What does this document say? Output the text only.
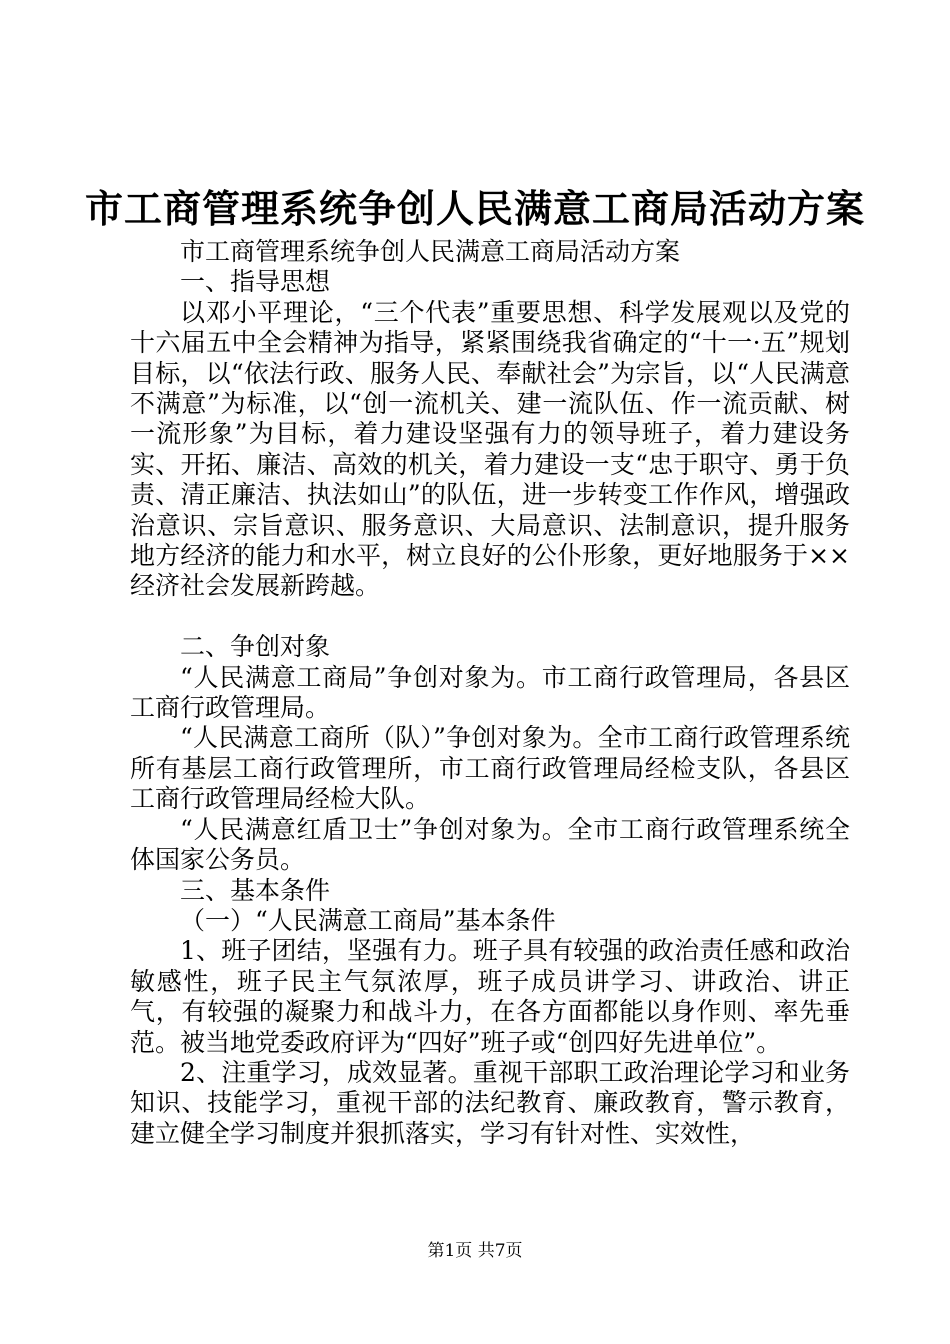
市工商管理系统争创人民满意工商局活动方案

市工商管理系统争创人民满意工商局活动方案

一、指导思想

以邓小平理论，“三个代表”重要思想、科学发展观以及党的十六届五中全会精神为指导，紧紧围绕我省确定的“十一·五”规划目标，以“依法行政、服务人民、奉献社会”为宗旨，以“人民满意不满意”为标准，以“创一流机关、建一流队伍、作一流贡献、树一流形象”为目标，着力建设坚强有力的领导班子，着力建设务实、开拓、廉洁、高效的机关，着力建设一支“忠于职守、勇于负责、清正廉洁、执法如山”的队伍，进一步转变工作作风，增强政治意识、宗旨意识、服务意识、大局意识、法制意识，提升服务地方经济的能力和水平，树立良好的公仆形象，更好地服务于××经济社会发展新跨越。

二、争创对象

“人民满意工商局”争创对象为。市工商行政管理局，各县区工商行政管理局。

“人民满意工商所（队）”争创对象为。全市工商行政管理系统所有基层工商行政管理所，市工商行政管理局经检支队，各县区工商行政管理局经检大队。

“人民满意红盾卫士”争创对象为。全市工商行政管理系统全体国家公务员。

三、基本条件

（一）“人民满意工商局”基本条件

1、班子团结，坚强有力。班子具有较强的政治责任感和政治敏感性，班子民主气氛浓厚，班子成员讲学习、讲政治、讲正气，有较强的凝聚力和战斗力，在各方面都能以身作则、率先垂范。被当地党委政府评为“四好”班子或“创四好先进单位”。

2、注重学习，成效显著。重视干部职工政治理论学习和业务知识、技能学习，重视干部的法纪教育、廉政教育，警示教育，建立健全学习制度并狠抓落实，学习有针对性、实效性，

第1页 共7页
